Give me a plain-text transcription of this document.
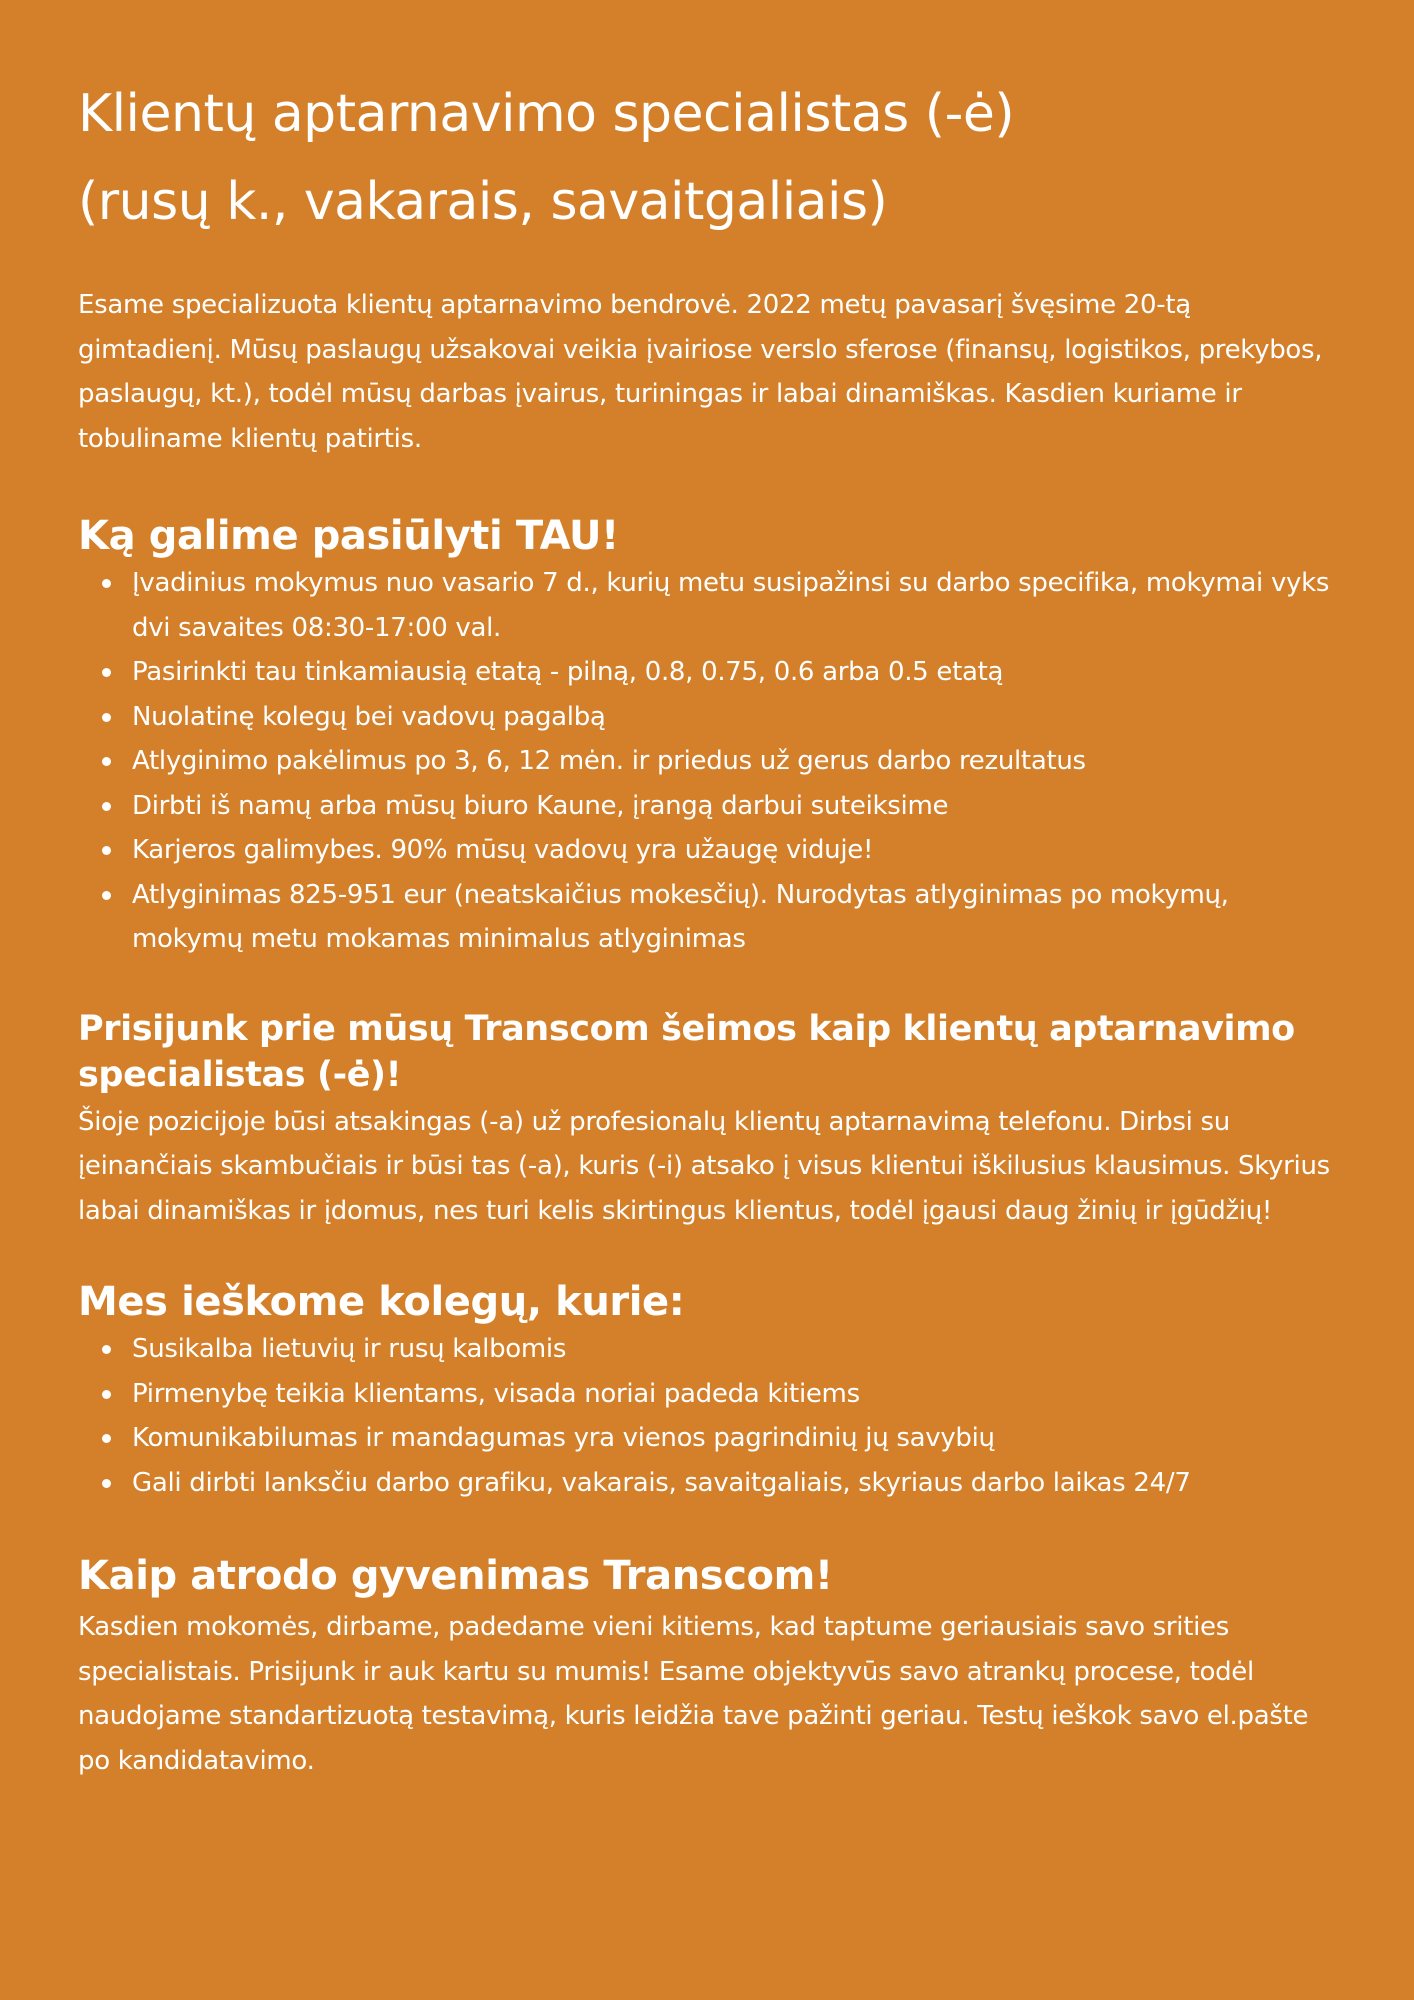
Klientų aptarnavimo specialistas (-ė)
(rusų k., vakarais, savaitgaliais)

Esame specializuota klientų aptarnavimo bendrovė. 2022 metų pavasarį švęsime 20-tą gimtadienį. Mūsų paslaugų užsakovai veikia įvairiose verslo sferose (finansų, logistikos, prekybos, paslaugų, kt.), todėl mūsų darbas įvairus, turiningas ir labai dinamiškas. Kasdien kuriame ir tobuliname klientų patirtis.

Ką galime pasiūlyti TAU!
Įvadinius mokymus nuo vasario 7 d., kurių metu susipažinsi su darbo specifika, mokymai vyks dvi savaites 08:30-17:00 val.
Pasirinkti tau tinkamiausią etatą - pilną, 0.8, 0.75, 0.6 arba 0.5 etatą
Nuolatinę kolegų bei vadovų pagalbą
Atlyginimo pakėlimus po 3, 6, 12 mėn. ir priedus už gerus darbo rezultatus
Dirbti iš namų arba mūsų biuro Kaune, įrangą darbui suteiksime
Karjeros galimybes. 90% mūsų vadovų yra užaugę viduje!
Atlyginimas 825-951 eur (neatskaičius mokesčių). Nurodytas atlyginimas po mokymų, mokymų metu mokamas minimalus atlyginimas
Prisijunk prie mūsų Transcom šeimos kaip klientų aptarnavimo specialistas (-ė)!

Šioje pozicijoje būsi atsakingas (-a) už profesionalų klientų aptarnavimą telefonu. Dirbsi su įeinančiais skambučiais ir būsi tas (-a), kuris (-i) atsako į visus klientui iškilusius klausimus. Skyrius labai dinamiškas ir įdomus, nes turi kelis skirtingus klientus, todėl įgausi daug žinių ir įgūdžių!

Mes ieškome kolegų, kurie:
Susikalba lietuvių ir rusų kalbomis
Pirmenybę teikia klientams, visada noriai padeda kitiems
Komunikabilumas ir mandagumas yra vienos pagrindinių jų savybių
Gali dirbti lanksčiu darbo grafiku, vakarais, savaitgaliais, skyriaus darbo laikas 24/7
Kaip atrodo gyvenimas Transcom!

Kasdien mokomės, dirbame, padedame vieni kitiems, kad taptume geriausiais savo srities specialistais. Prisijunk ir auk kartu su mumis! Esame objektyvūs savo atrankų procese, todėl naudojame standartizuotą testavimą, kuris leidžia tave pažinti geriau. Testų ieškok savo el.pašte po kandidatavimo.
